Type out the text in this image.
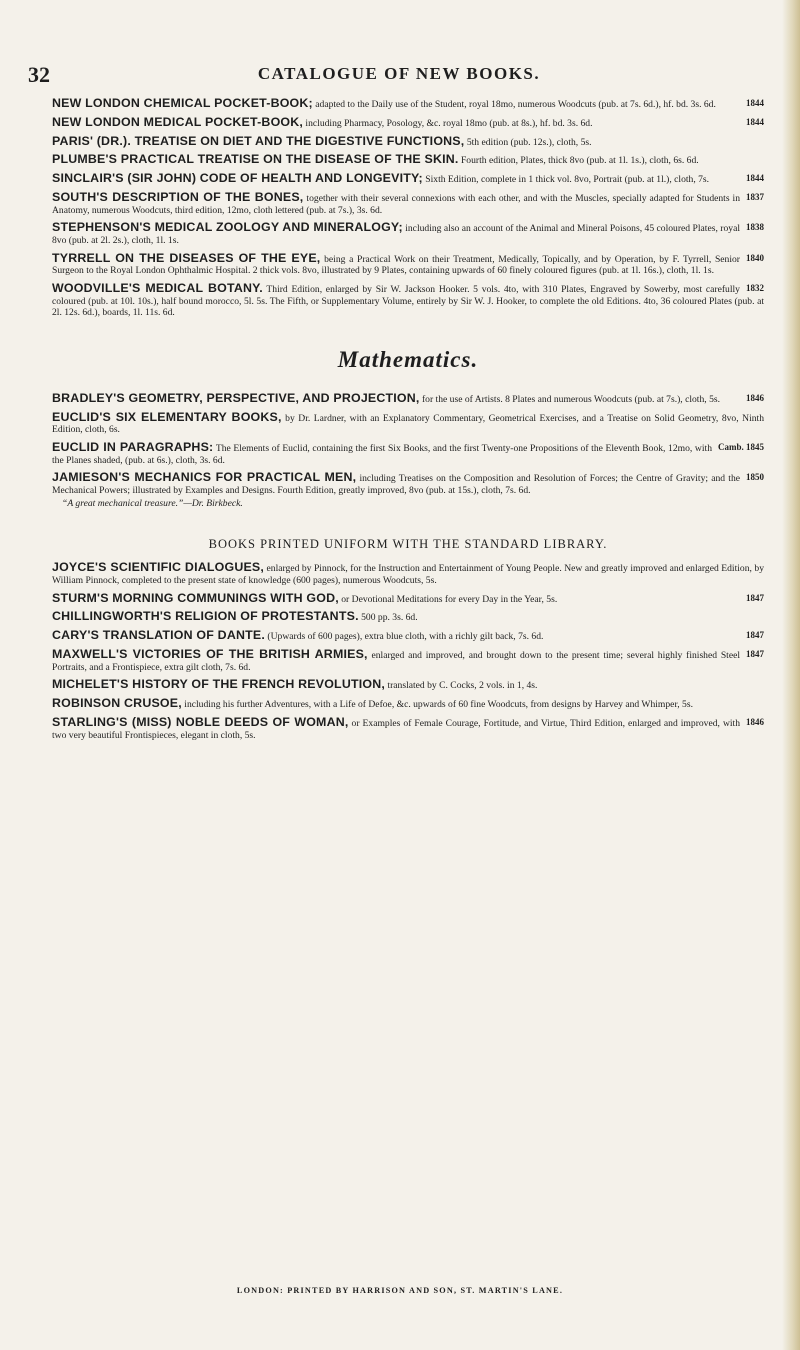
32	CATALOGUE OF NEW BOOKS.
1844
NEW LONDON CHEMICAL POCKET-BOOK; adapted to the Daily use of the Student, royal 18mo, numerous Woodcuts (pub. at 7s. 6d.), hf. bd. 3s. 6d.
1844
NEW LONDON MEDICAL POCKET-BOOK, including Pharmacy, Posology, &c. royal 18mo (pub. at 8s.), hf. bd. 3s. 6d.
PARIS' (DR.). TREATISE ON DIET AND THE DIGESTIVE FUNCTIONS, 5th edition (pub. 12s.), cloth, 5s.
PLUMBE'S PRACTICAL TREATISE ON THE DISEASE OF THE SKIN. Fourth edition, Plates, thick 8vo (pub. at 1l. 1s.), cloth, 6s. 6d.
1844
SINCLAIR'S (SIR JOHN) CODE OF HEALTH AND LONGEVITY; Sixth Edition, complete in 1 thick vol. 8vo, Portrait (pub. at 1l.), cloth, 7s.
1837
SOUTH'S DESCRIPTION OF THE BONES, together with their several connexions with each other, and with the Muscles, specially adapted for Students in Anatomy, numerous Woodcuts, third edition, 12mo, cloth lettered (pub. at 7s.), 3s. 6d.
1838
STEPHENSON'S MEDICAL ZOOLOGY AND MINERALOGY; including also an account of the Animal and Mineral Poisons, 45 coloured Plates, royal 8vo (pub. at 2l. 2s.), cloth, 1l. 1s.
1840
TYRRELL ON THE DISEASES OF THE EYE, being a Practical Work on their Treatment, Medically, Topically, and by Operation, by F. Tyrrell, Senior Surgeon to the Royal London Ophthalmic Hospital. 2 thick vols. 8vo, illustrated by 9 Plates, containing upwards of 60 finely coloured figures (pub. at 1l. 16s.), cloth, 1l. 1s.
1832
WOODVILLE'S MEDICAL BOTANY. Third Edition, enlarged by Sir W. Jackson Hooker. 5 vols. 4to, with 310 Plates, Engraved by Sowerby, most carefully coloured (pub. at 10l. 10s.), half bound morocco, 5l. 5s. The Fifth, or Supplementary Volume, entirely by Sir W. J. Hooker, to complete the old Editions. 4to, 36 coloured Plates (pub. at 2l. 12s. 6d.), boards, 1l. 11s. 6d.
Mathematics.
1846
BRADLEY'S GEOMETRY, PERSPECTIVE, AND PROJECTION, for the use of Artists. 8 Plates and numerous Woodcuts (pub. at 7s.), cloth, 5s.
EUCLID'S SIX ELEMENTARY BOOKS, by Dr. Lardner, with an Explanatory Commentary, Geometrical Exercises, and a Treatise on Solid Geometry, 8vo, Ninth Edition, cloth, 6s.
Camb. 1845
EUCLID IN PARAGRAPHS: The Elements of Euclid, containing the first Six Books, and the first Twenty-one Propositions of the Eleventh Book, 12mo, with the Planes shaded, (pub. at 6s.), cloth, 3s. 6d.
1850
JAMIESON'S MECHANICS FOR PRACTICAL MEN, including Treatises on the Composition and Resolution of Forces; the Centre of Gravity; and the Mechanical Powers; illustrated by Examples and Designs. Fourth Edition, greatly improved, 8vo (pub. at 15s.), cloth, 7s. 6d.
“A great mechanical treasure.”—Dr. Birkbeck.
BOOKS PRINTED UNIFORM WITH THE STANDARD LIBRARY.
JOYCE'S SCIENTIFIC DIALOGUES, enlarged by Pinnock, for the Instruction and Entertainment of Young People. New and greatly improved and enlarged Edition, by William Pinnock, completed to the present state of knowledge (600 pages), numerous Woodcuts, 5s.
1847
STURM'S MORNING COMMUNINGS WITH GOD, or Devotional Meditations for every Day in the Year, 5s.
CHILLINGWORTH'S RELIGION OF PROTESTANTS. 500 pp. 3s. 6d.
1847
CARY'S TRANSLATION OF DANTE. (Upwards of 600 pages), extra blue cloth, with a richly gilt back, 7s. 6d.
1847
MAXWELL'S VICTORIES OF THE BRITISH ARMIES, enlarged and improved, and brought down to the present time; several highly finished Steel Portraits, and a Frontispiece, extra gilt cloth, 7s. 6d.
MICHELET'S HISTORY OF THE FRENCH REVOLUTION, translated by C. Cocks, 2 vols. in 1, 4s.
ROBINSON CRUSOE, including his further Adventures, with a Life of Defoe, &c. upwards of 60 fine Woodcuts, from designs by Harvey and Whimper, 5s.
1846
STARLING'S (MISS) NOBLE DEEDS OF WOMAN, or Examples of Female Courage, Fortitude, and Virtue, Third Edition, enlarged and improved, with two very beautiful Frontispieces, elegant in cloth, 5s.
LONDON: PRINTED BY HARRISON AND SON, ST. MARTIN'S LANE.
